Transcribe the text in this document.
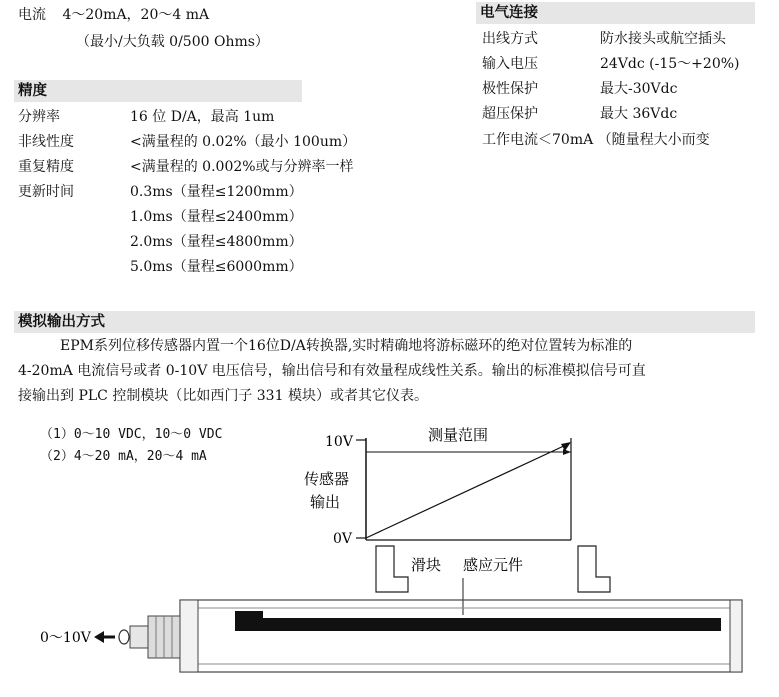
电流 4～20mA，20～4 mA
（最小/大负载 0/500 Ohms）
精度
分辨率	16 位 D/A，最高 1um
非线性度	<满量程的 0.02%（最小 100um）
重复精度	<满量程的 0.002%或与分辨率一样
更新时间	0.3ms（量程≤1200mm）
1.0ms（量程≤2400mm）
2.0ms（量程≤4800mm）
5.0ms（量程≤6000mm）
电气连接
出线方式	防水接头或航空插头
输入电压	24Vdc (-15～+20%)
极性保护	最大-30Vdc
超压保护	最大 36Vdc
工作电流＜70mA （随量程大小而变
模拟输出方式
EPM系列位移传感器内置一个16位D/A转换器,实时精确地将游标磁环的绝对位置转为标准的
4-20mA 电流信号或者 0-10V 电压信号，输出信号和有效量程成线性关系。输出的标准模拟信号可直
接输出到 PLC 控制模块（比如西门子 331 模块）或者其它仪表。
（1）0～10 VDC，10～0 VDC
（2）4～20 mA，20～4 mA
10V
0V
测量范围
传感器
输出
滑块 感应元件
0～10V
